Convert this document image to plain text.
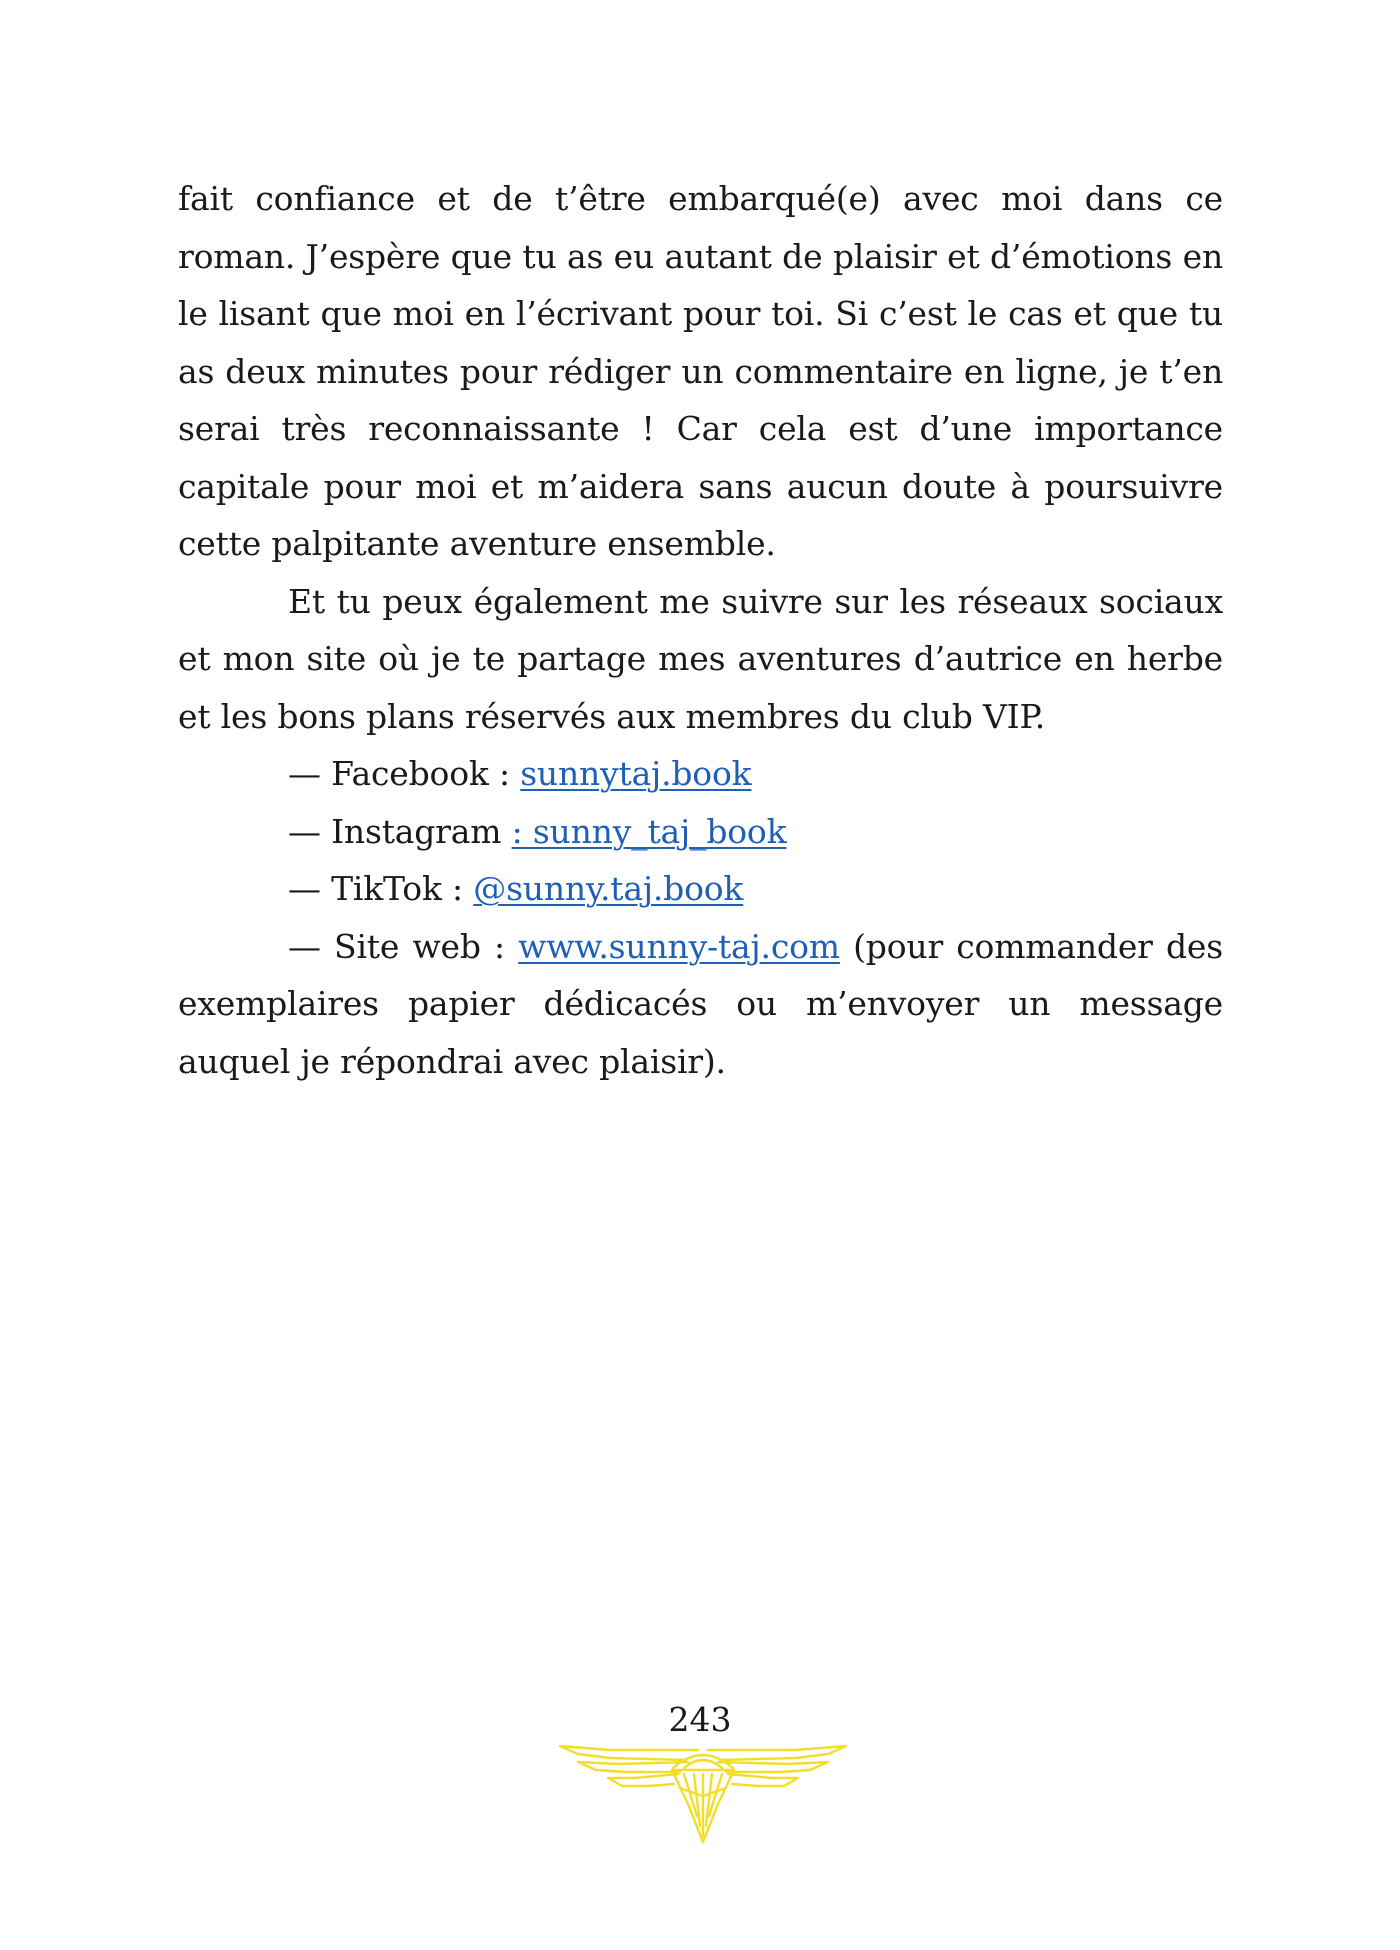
fait confiance et de t’être embarqué(e) avec moi dans ce roman. J’espère que tu as eu autant de plaisir et d’émotions en le lisant que moi en l’écrivant pour toi. Si c’est le cas et que tu as deux minutes pour rédiger un commentaire en ligne, je t’en serai très reconnaissante ! Car cela est d’une importance capitale pour moi et m’aidera sans aucun doute à poursuivre cette palpitante aventure ensemble.

Et tu peux également me suivre sur les réseaux sociaux et mon site où je te partage mes aventures d’autrice en herbe et les bons plans réservés aux membres du club VIP.

— Facebook : sunnytaj.book

— Instagram : sunny_taj_book

— TikTok : @sunny.taj.book

— Site web : www.sunny-taj.com (pour commander des exemplaires papier dédicacés ou m’envoyer un message auquel je répondrai avec plaisir).

243
